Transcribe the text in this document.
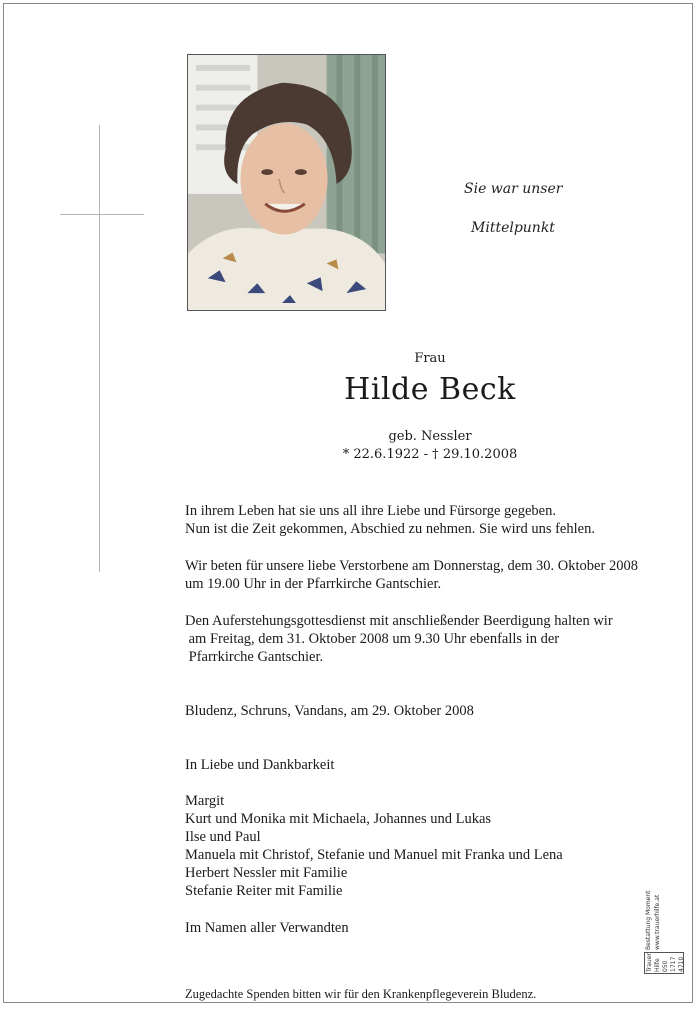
Sie war unser
Mittelpunkt
Frau
Hilde Beck
geb. Nessler
* 22.6.1922 - † 29.10.2008
In ihrem Leben hat sie uns all ihre Liebe und Fürsorge gegeben.
Nun ist die Zeit gekommen, Abschied zu nehmen. Sie wird uns fehlen.
Wir beten für unsere liebe Verstorbene am Donnerstag, dem 30. Oktober 2008
um 19.00 Uhr in der Pfarrkirche Gantschier.
Den Auferstehungsgottesdienst mit anschließender Beerdigung halten wir
am Freitag, dem 31. Oktober 2008 um 9.30 Uhr ebenfalls in der
Pfarrkirche Gantschier.
Bludenz, Schruns, Vandans, am 29. Oktober 2008
In Liebe und Dankbarkeit
Margit
Kurt und Monika mit Michaela, Johannes und Lukas
Ilse und Paul
Manuela mit Christof, Stefanie und Manuel mit Franka und Lena
Herbert Nessler mit Familie
Stefanie Reiter mit Familie
Im Namen aller Verwandten
Zugedachte Spenden bitten wir für den Krankenpflegeverein Bludenz.
Trauer Hilfe 050 1717 4710
Bestattung Moment www.trauerhilfe.at
